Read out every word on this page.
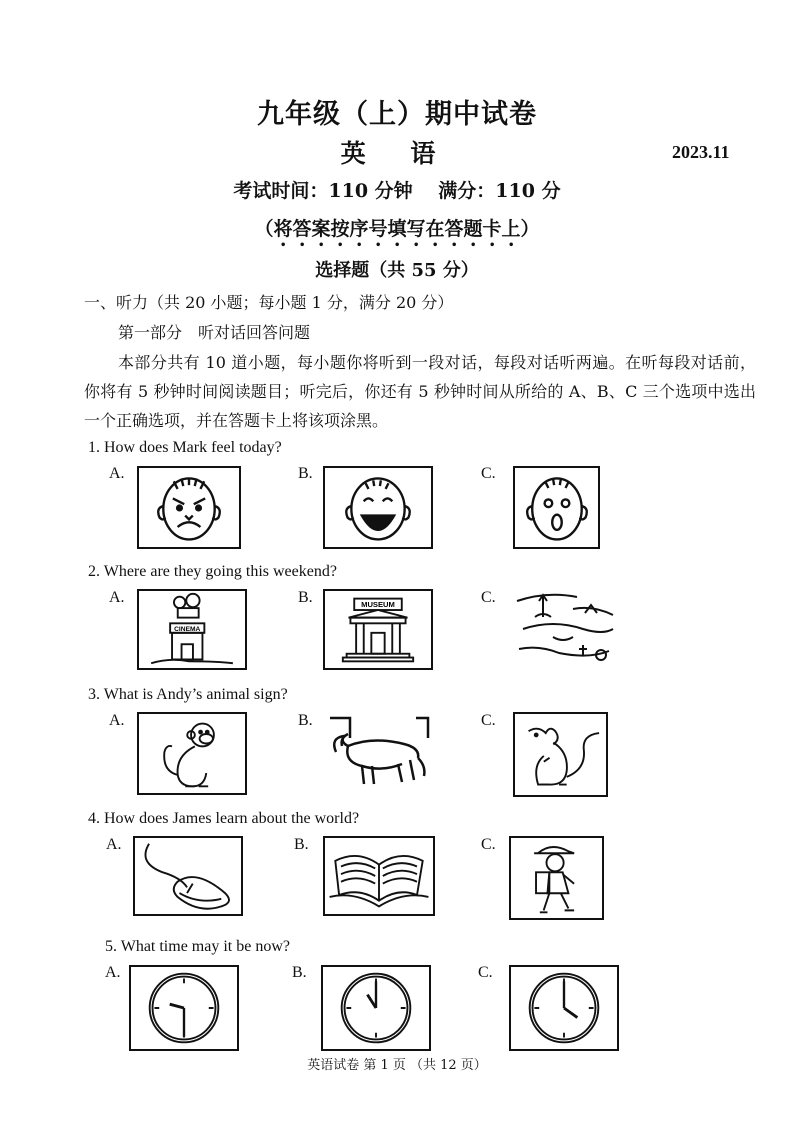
九年级（上）期中试卷
英 语	2023.11
考试时间：110 分钟　 满分：110 分
（将答案按序号填写在答题卡上）
选择题（共 55 分）
一、听力（共 20 小题；每小题 1 分，满分 20 分）
第一部分　听对话回答问题
本部分共有 10 道小题，每小题你将听到一段对话，每段对话听两遍。在听每段对话前，你将有 5 秒钟时间阅读题目；听完后，你还有 5 秒钟时间从所给的 A、B、C 三个选项中选出一个正确选项，并在答题卡上将该项涂黑。
1. How does Mark feel today?
A.	B.	C.
2. Where are they going this weekend?
A.	B.	C.
CINEMA
MUSEUM
3. What is Andy’s animal sign?
A.	B.	C.
4. How does James learn about the world?
A.	B.	C.
5. What time may it be now?
A.	B.	C.
英语试卷 第 1 页 （共 12 页）
